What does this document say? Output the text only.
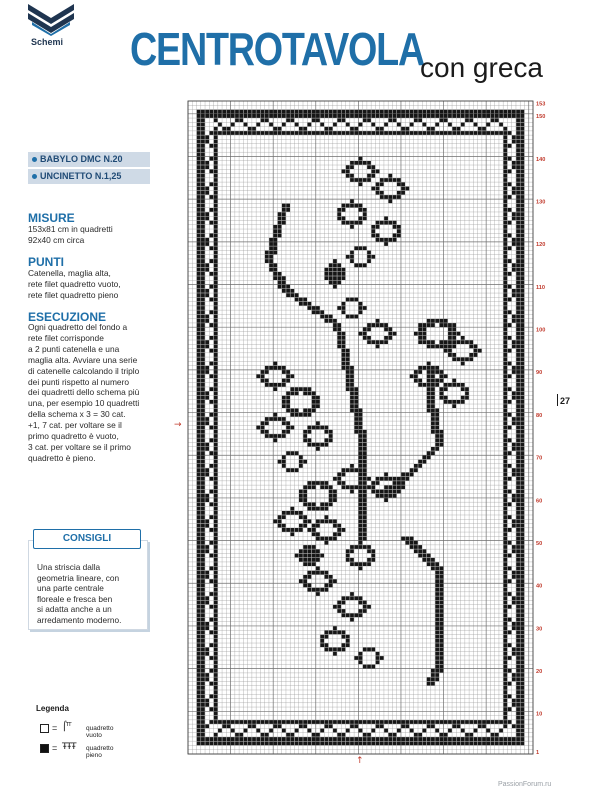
Schemi CENTROTAVOLA
con greca
BABYLO DMC N.20
UNCINETTO N.1,25
MISURE
153x81 cm in quadretti
92x40 cm circa
PUNTI
Catenella, maglia alta,
rete filet quadretto vuoto,
rete filet quadretto pieno
ESECUZIONE
Ogni quadretto del fondo a
rete filet corrisponde
a 2 punti catenella e una
maglia alta. Avviare una serie
di catenelle calcolando il triplo
dei punti rispetto al numero
dei quadretti dello schema più
una, per esempio 10 quadretti
della schema x 3 = 30 cat.
+1, 7 cat. per voltare se il
primo quadretto è vuoto,
3 cat. per voltare se il primo
quadretto è pieno.
CONSIGLI
Una striscia dalla
geometria lineare, con
una parte centrale
floreale e fresca ben
si adatta anche a un
arredamento moderno.
Legenda
= ⌠ᵀᵀ quadretto vuoto
= ŦŦŦ quadretto pieno
153
150
140
130
120
110
100
90
80
70
60
50
40
30
20
10
1
→
↑
27
PassionForum.ru
